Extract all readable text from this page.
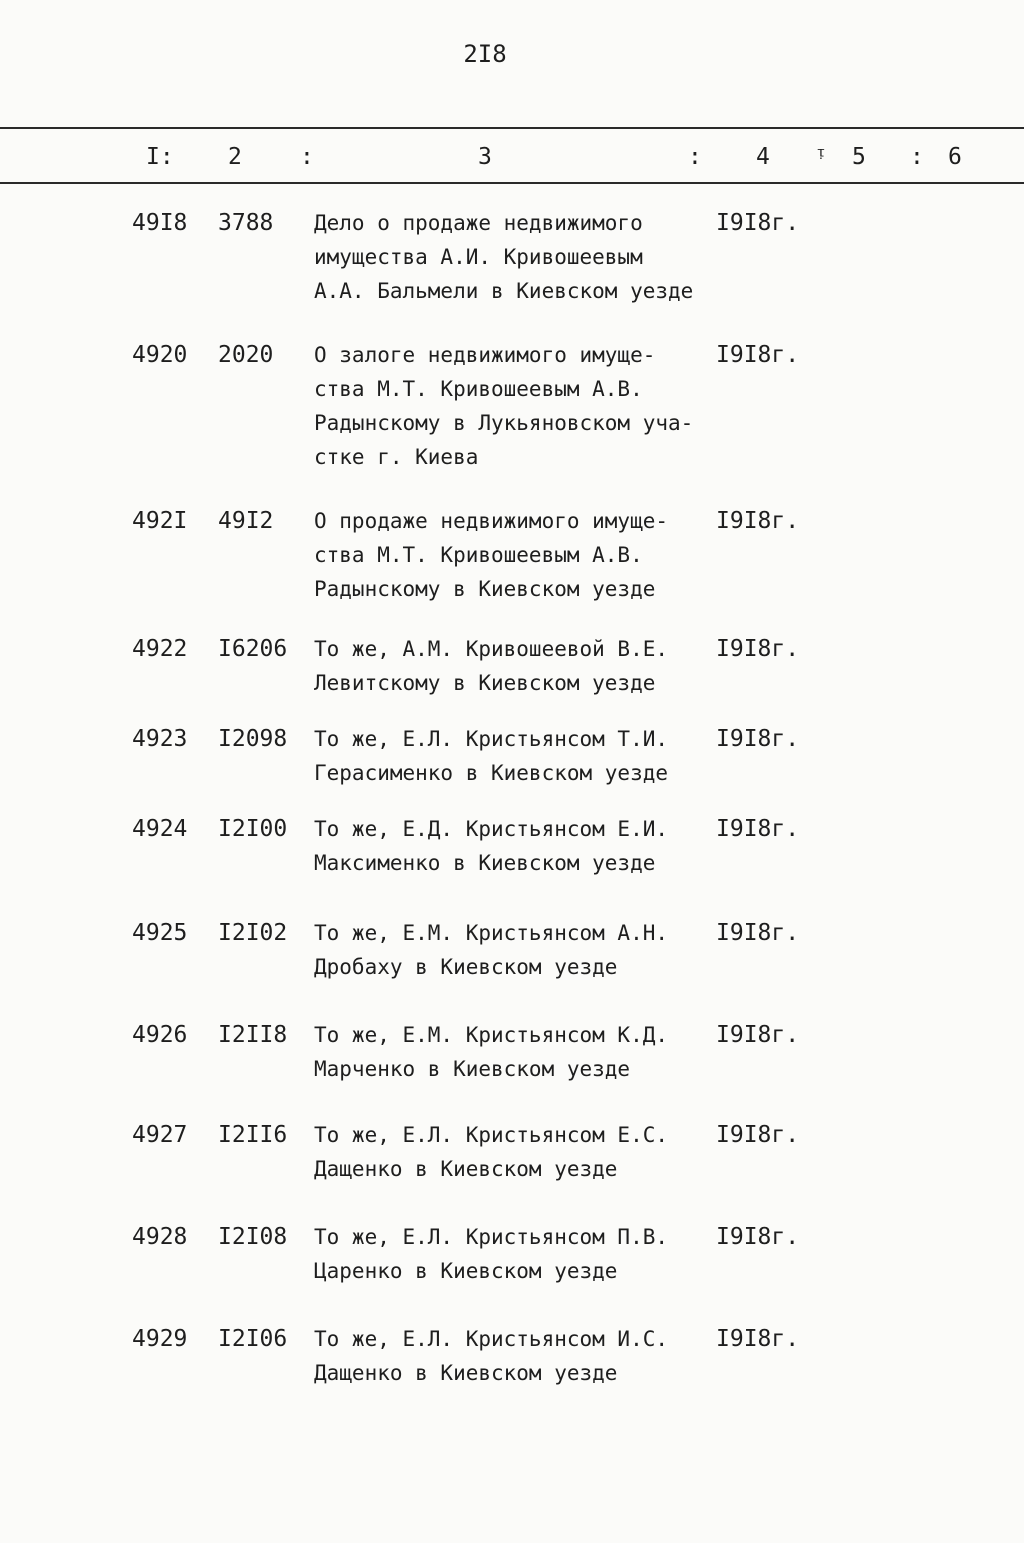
2I8
I: 2	:	3	: 4 ᵎ 5 : 6
49I8 3788	Дело о продаже недвижимого
имущества А.И. Кривошеевым
А.А. Бальмели в Киевском уезде
I9I8г.
4920 2020	О залоге недвижимого имуще-
ства М.Т. Кривошеевым А.В.
Радынскому в Лукьяновском уча-
стке г. Киева
I9I8г.
492I 49I2	О продаже недвижимого имуще-
ства М.Т. Кривошеевым А.В.
Радынскому в Киевском уезде
I9I8г.
4922 I6206	То же, А.М. Кривошеевой В.Е.
Левитскому в Киевском уезде
I9I8г.
4923 I2098	То же, Е.Л. Кристьянсом Т.И.
Герасименко в Киевском уезде
I9I8г.
4924 I2I00	То же, Е.Д. Кристьянсом Е.И.
Максименко в Киевском уезде
I9I8г.
4925 I2I02	То же, Е.М. Кристьянсом А.Н.
Дробаху в Киевском уезде
I9I8г.
4926 I2II8	То же, Е.М. Кристьянсом К.Д.
Марченко в Киевском уезде
I9I8г.
4927 I2II6	То же, Е.Л. Кристьянсом Е.С.
Дащенко в Киевском уезде
I9I8г.
4928 I2I08	То же, Е.Л. Кристьянсом П.В.
Царенко в Киевском уезде
I9I8г.
4929 I2I06	То же, Е.Л. Кристьянсом И.С.
Дащенко в Киевском уезде
I9I8г.
